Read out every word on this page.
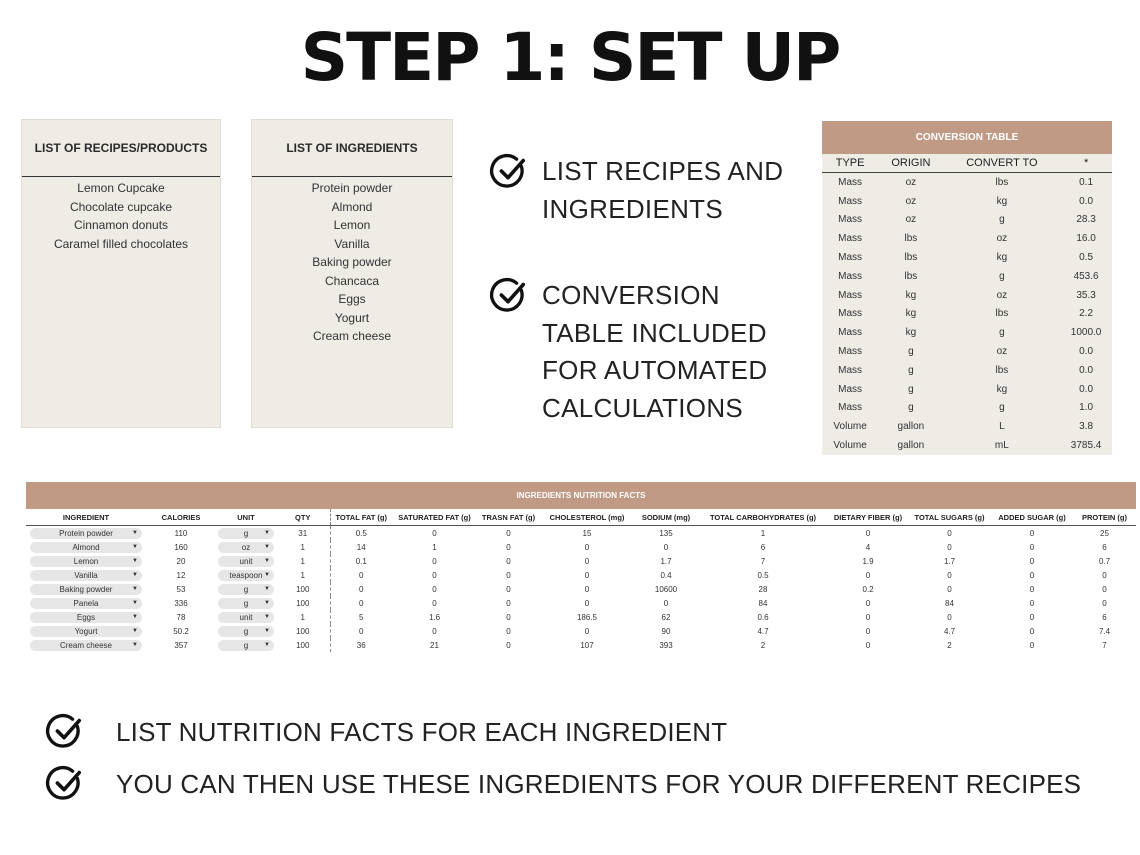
STEP 1: SET UP
LIST OF RECIPES/PRODUCTS
Lemon Cupcake
Chocolate cupcake
Cinnamon donuts
Caramel filled chocolates
LIST OF INGREDIENTS
Protein powder
Almond
Lemon
Vanilla
Baking powder
Chancaca
Eggs
Yogurt
Cream cheese
LIST RECIPES AND
INGREDIENTS
CONVERSION
TABLE INCLUDED
FOR AUTOMATED
CALCULATIONS
CONVERSION TABLE
TYPE	ORIGIN	CONVERT TO	*
Mass	oz	lbs	0.1
Mass	oz	kg	0.0
Mass	oz	g	28.3
Mass	lbs	oz	16.0
Mass	lbs	kg	0.5
Mass	lbs	g	453.6
Mass	kg	oz	35.3
Mass	kg	lbs	2.2
Mass	kg	g	1000.0
Mass	g	oz	0.0
Mass	g	lbs	0.0
Mass	g	kg	0.0
Mass	g	g	1.0
Volume	gallon	L	3.8
Volume	gallon	mL	3785.4
INGREDIENTS NUTRITION FACTS
INGREDIENT	CALORIES	UNIT	QTY	TOTAL FAT (g)	SATURATED FAT (g)	TRASN FAT (g)	CHOLESTEROL (mg)	SODIUM (mg)	TOTAL CARBOHYDRATES (g)	DIETARY FIBER (g)	TOTAL SUGARS (g)	ADDED SUGAR (g)	PROTEIN (g)
Protein powder ▼	110	g ▼	31	0.5	0	0	15	135	1	0	0	0	25
Almond ▼	160	oz ▼	1	14	1	0	0	0	6	4	0	0	6
Lemon ▼	20	unit ▼	1	0.1	0	0	0	1.7	7	1.9	1.7	0	0.7
Vanilla ▼	12	teaspoon ▼	1	0	0	0	0	0.4	0.5	0	0	0	0
Baking powder ▼	53	g ▼	100	0	0	0	0	10600	28	0.2	0	0	0
Panela ▼	336	g ▼	100	0	0	0	0	0	84	0	84	0	0
Eggs ▼	78	unit ▼	1	5	1.6	0	186.5	62	0.6	0	0	0	6
Yogurt ▼	50.2	g ▼	100	0	0	0	0	90	4.7	0	4.7	0	7.4
Cream cheese ▼	357	g ▼	100	36	21	0	107	393	2	0	2	0	7
LIST NUTRITION FACTS FOR EACH INGREDIENT
YOU CAN THEN USE THESE INGREDIENTS FOR YOUR DIFFERENT RECIPES
